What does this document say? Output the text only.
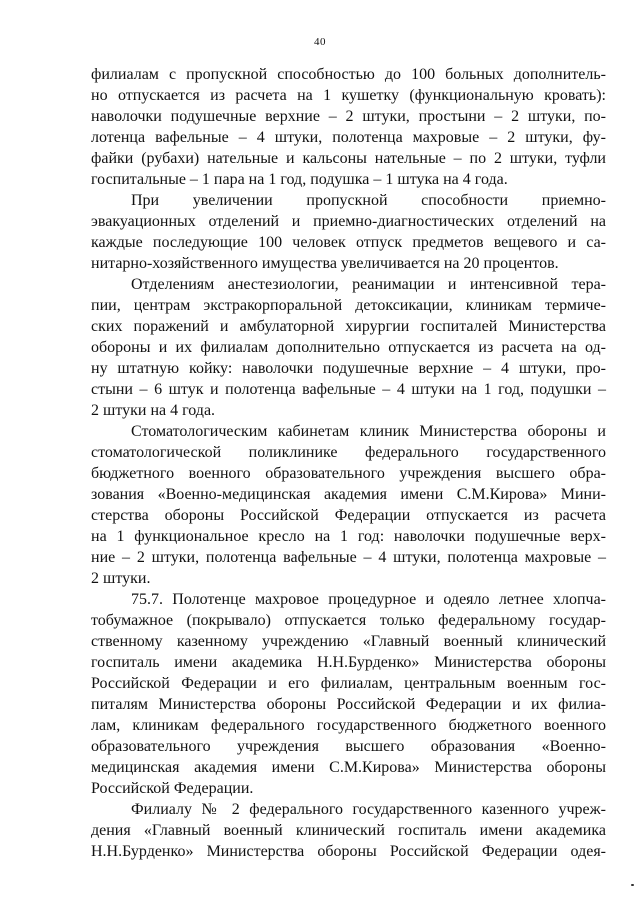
40
филиалам с пропускной способностью до 100 больных дополнитель-
но отпускается из расчета на 1 кушетку (функциональную кровать):
наволочки подушечные верхние – 2 штуки, простыни – 2 штуки, по-
лотенца вафельные – 4 штуки, полотенца махровые – 2 штуки, фу-
файки (рубахи) нательные и кальсоны нательные – по 2 штуки, туфли
госпитальные – 1 пара на 1 год, подушка – 1 штука на 4 года.
При увеличении пропускной способности приемно-
эвакуационных отделений и приемно-диагностических отделений на
каждые последующие 100 человек отпуск предметов вещевого и са-
нитарно-хозяйственного имущества увеличивается на 20 процентов.
Отделениям анестезиологии, реанимации и интенсивной тера-
пии, центрам экстракорпоральной детоксикации, клиникам термиче-
ских поражений и амбулаторной хирургии госпиталей Министерства
обороны и их филиалам дополнительно отпускается из расчета на од-
ну штатную койку: наволочки подушечные верхние – 4 штуки, про-
стыни – 6 штук и полотенца вафельные – 4 штуки на 1 год, подушки –
2 штуки на 4 года.
Стоматологическим кабинетам клиник Министерства обороны и
стоматологической поликлинике федерального государственного
бюджетного военного образовательного учреждения высшего обра-
зования «Военно-медицинская академия имени С.М.Кирова» Мини-
стерства обороны Российской Федерации отпускается из расчета
на 1 функциональное кресло на 1 год: наволочки подушечные верх-
ние – 2 штуки, полотенца вафельные – 4 штуки, полотенца махровые –
2 штуки.
75.7. Полотенце махровое процедурное и одеяло летнее хлопча-
тобумажное (покрывало) отпускается только федеральному государ-
ственному казенному учреждению «Главный военный клинический
госпиталь имени академика Н.Н.Бурденко» Министерства обороны
Российской Федерации и его филиалам, центральным военным гос-
питалям Министерства обороны Российской Федерации и их филиа-
лам, клиникам федерального государственного бюджетного военного
образовательного учреждения высшего образования «Военно-
медицинская академия имени С.М.Кирова» Министерства обороны
Российской Федерации.
Филиалу № 2 федерального государственного казенного учреж-
дения «Главный военный клинический госпиталь имени академика
Н.Н.Бурденко» Министерства обороны Российской Федерации одея-
